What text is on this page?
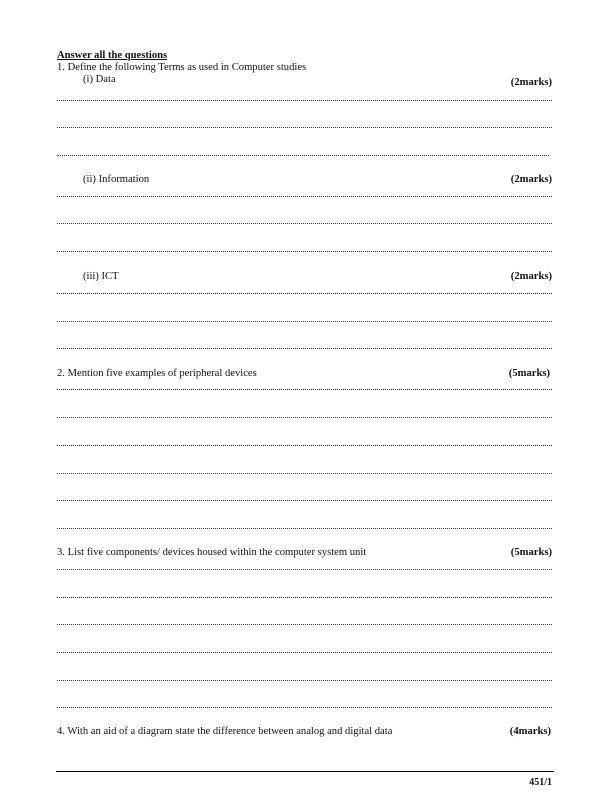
Answer all the questions
1. Define the following Terms as used in Computer studies
(i) Data	(2marks)
(ii) Information	(2marks)
(iii) ICT	(2marks)
2. Mention five examples of peripheral devices	(5marks)
3. List five components/ devices housed within the computer system unit	(5marks)
4. With an aid of a diagram state the difference between analog and digital data	(4marks)
451/1
